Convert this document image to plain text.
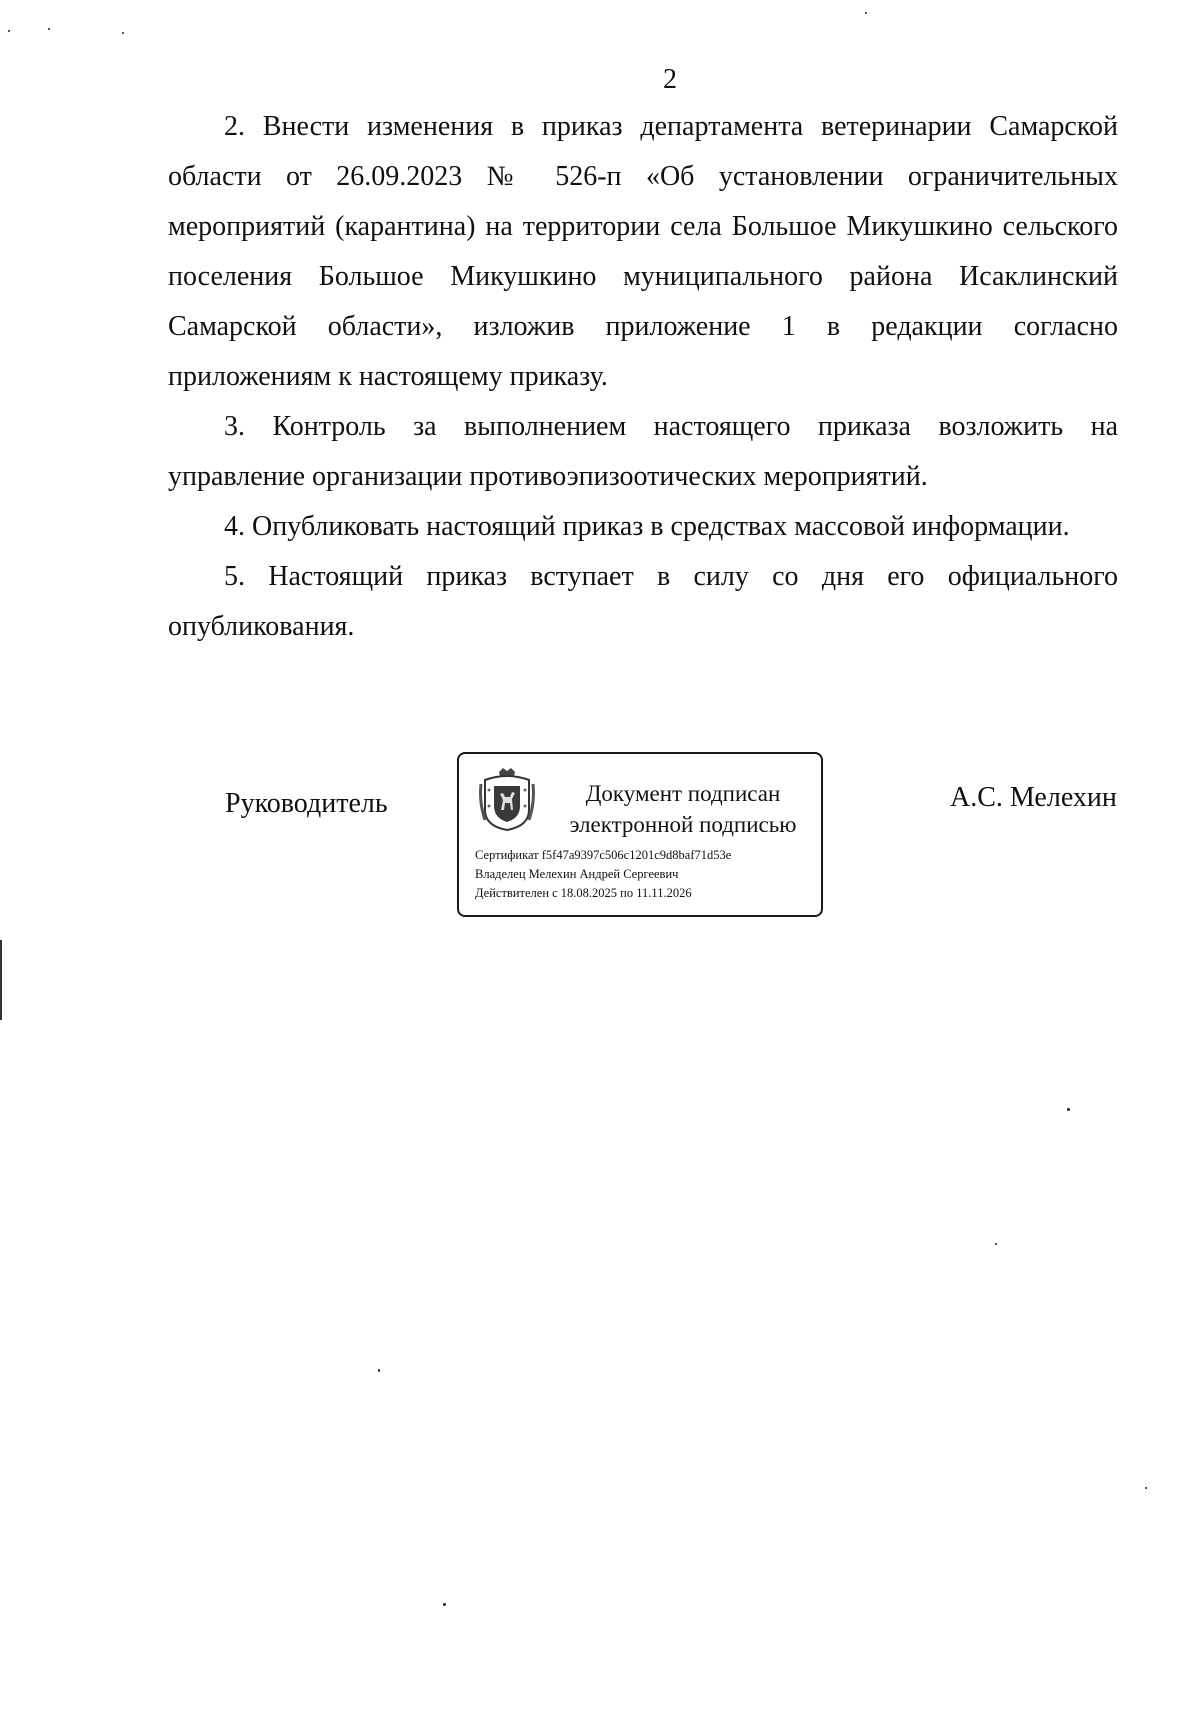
2

2. Внести изменения в приказ департамента ветеринарии Самарской области от 26.09.2023 № 526-п «Об установлении ограничительных мероприятий (карантина) на территории села Большое Микушкино сельского поселения Большое Микушкино муниципального района Исаклинский Самарской области», изложив приложение 1 в редакции согласно приложениям к настоящему приказу.

3. Контроль за выполнением настоящего приказа возложить на управление организации противоэпизоотических мероприятий.

4. Опубликовать настоящий приказ в средствах массовой информации.

5. Настоящий приказ вступает в силу со дня его официального опубликования.

Руководитель	Документ подписан
электронной подписью
Сертификат f5f47a9397c506c1201c9d8baf71d53e
Владелец Мелехин Андрей Сергеевич
Действителен с 18.08.2025 по 11.11.2026
А.С. Мелехин
